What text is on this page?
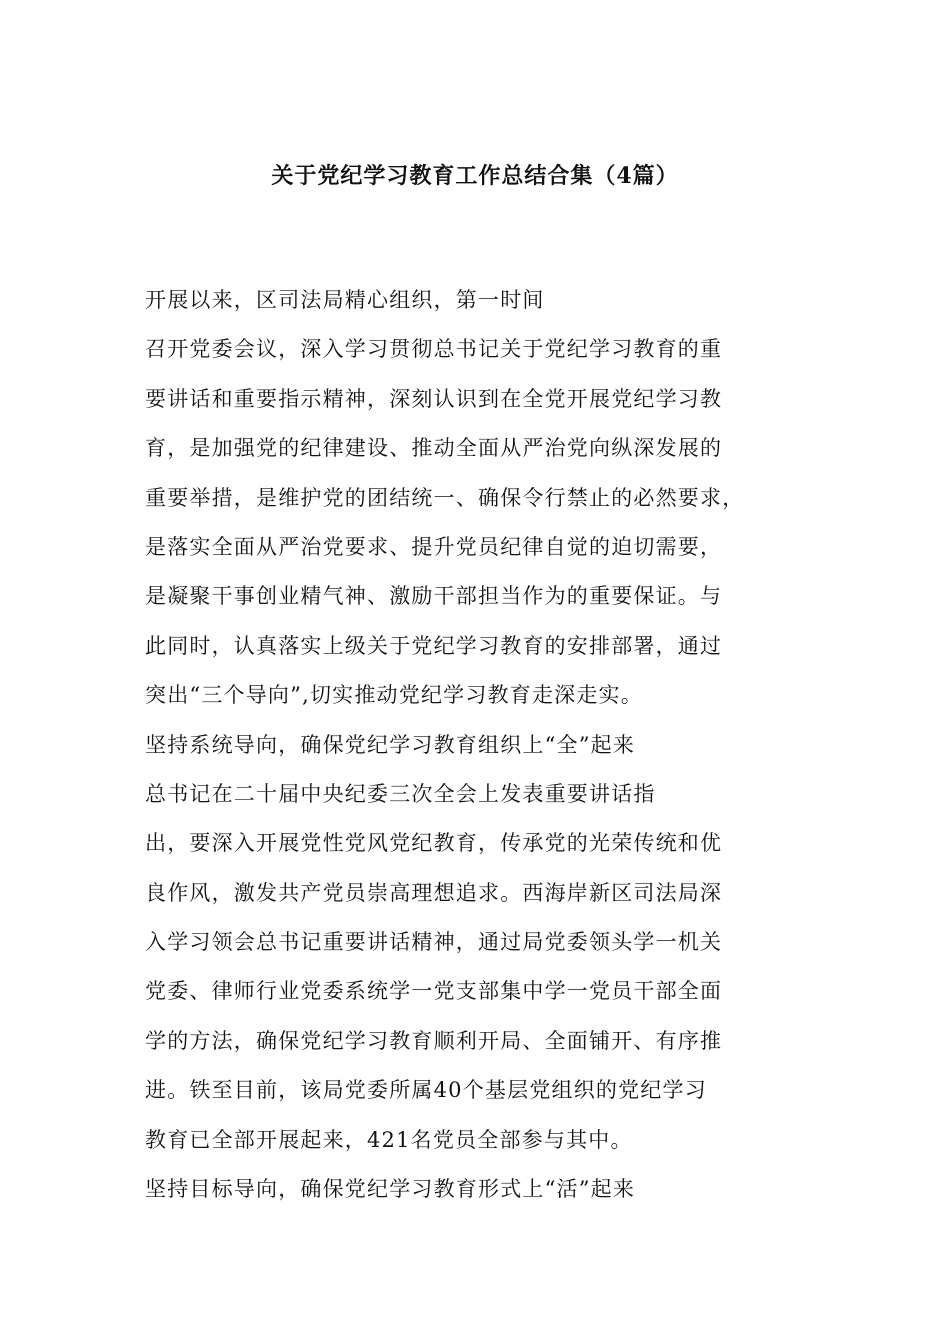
关于党纪学习教育工作总结合集（4篇）
开展以来，区司法局精心组织，第一时间
召开党委会议，深入学习贯彻总书记关于党纪学习教育的重
要讲话和重要指示精神，深刻认识到在全党开展党纪学习教
育，是加强党的纪律建设、推动全面从严治党向纵深发展的
重要举措，是维护党的团结统一、确保令行禁止的必然要求，
是落实全面从严治党要求、提升党员纪律自觉的迫切需要，
是凝聚干事创业精气神、激励干部担当作为的重要保证。与
此同时，认真落实上级关于党纪学习教育的安排部署，通过
突出“三个导向”,切实推动党纪学习教育走深走实。
坚持系统导向，确保党纪学习教育组织上“全”起来
总书记在二十届中央纪委三次全会上发表重要讲话指
出，要深入开展党性党风党纪教育，传承党的光荣传统和优
良作风，激发共产党员崇高理想追求。西海岸新区司法局深
入学习领会总书记重要讲话精神，通过局党委领头学一机关
党委、律师行业党委系统学一党支部集中学一党员干部全面
学的方法，确保党纪学习教育顺利开局、全面铺开、有序推
进。铁至目前，该局党委所属40个基层党组织的党纪学习
教育已全部开展起来，421名党员全部参与其中。
坚持目标导向，确保党纪学习教育形式上“活”起来
